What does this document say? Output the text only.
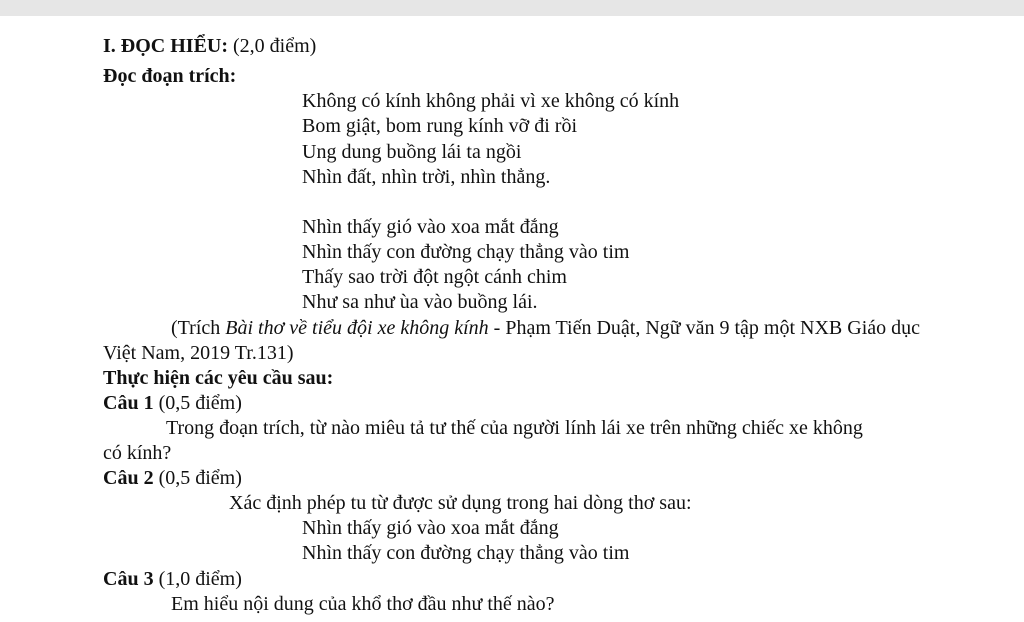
I. ĐỌC HIỂU: (2,0 điểm)
Đọc đoạn trích:
Không có kính không phải vì xe không có kính
Bom giật, bom rung kính vỡ đi rồi
Ung dung buồng lái ta ngồi
Nhìn đất, nhìn trời, nhìn thẳng.
Nhìn thấy gió vào xoa mắt đắng
Nhìn thấy con đường chạy thẳng vào tim
Thấy sao trời đột ngột cánh chim
Như sa như ùa vào buồng lái.
(Trích Bài thơ về tiểu đội xe không kính - Phạm Tiến Duật, Ngữ văn 9 tập một NXB Giáo dục
Việt Nam, 2019 Tr.131)
Thực hiện các yêu cầu sau:
Câu 1 (0,5 điểm)
Trong đoạn trích, từ nào miêu tả tư thế của người lính lái xe trên những chiếc xe không
có kính?
Câu 2 (0,5 điểm)
Xác định phép tu từ được sử dụng trong hai dòng thơ sau:
Nhìn thấy gió vào xoa mắt đắng
Nhìn thấy con đường chạy thẳng vào tim
Câu 3 (1,0 điểm)
Em hiểu nội dung của khổ thơ đầu như thế nào?
